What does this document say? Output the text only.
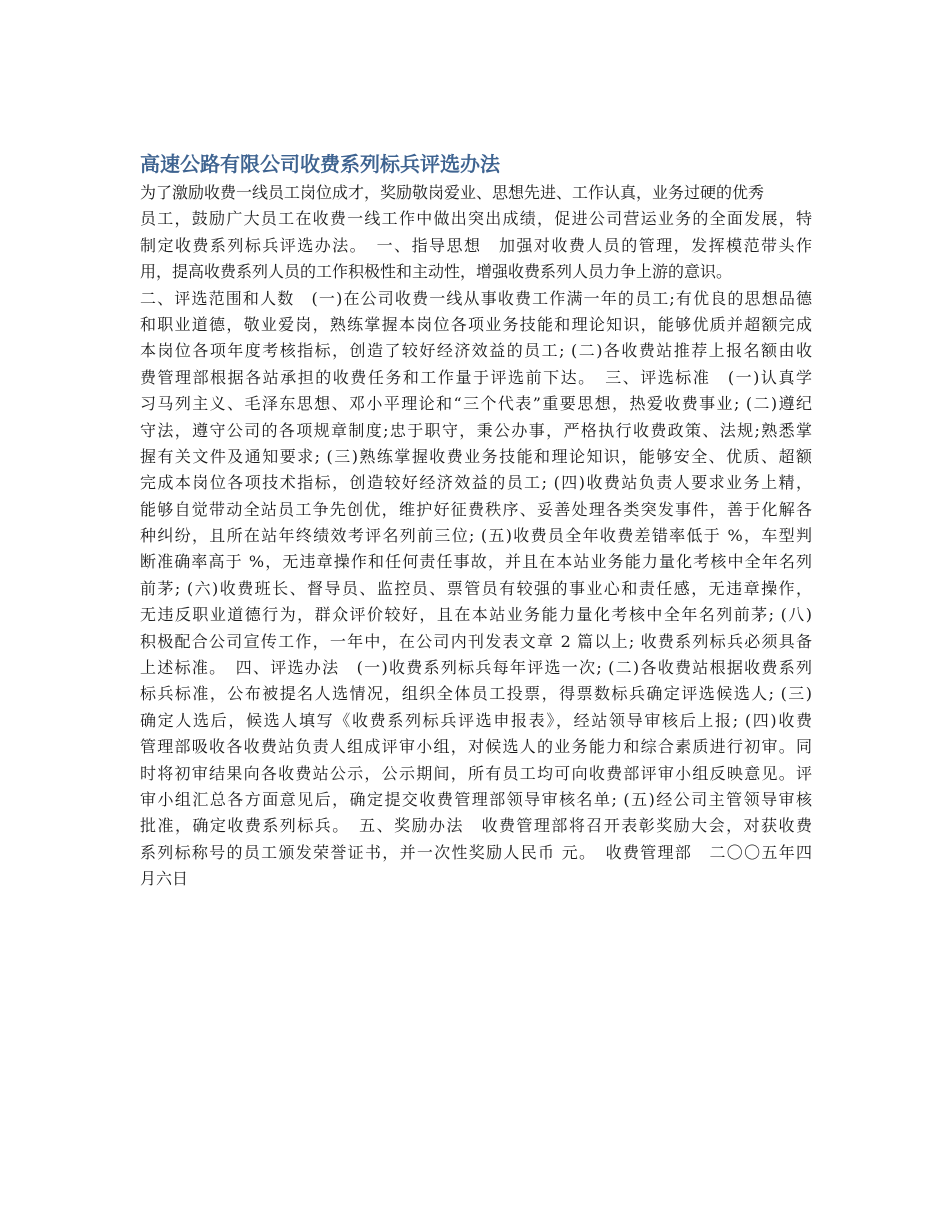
高速公路有限公司收费系列标兵评选办法
为了激励收费一线员工岗位成才，奖励敬岗爱业、思想先进、工作认真，业务过硬的优秀
员工，鼓励广大员工在收费一线工作中做出突出成绩，促进公司营运业务的全面发展，特
制定收费系列标兵评选办法。　一、指导思想　加强对收费人员的管理，发挥模范带头作
用，提高收费系列人员的工作积极性和主动性，增强收费系列人员力争上游的意识。
二、评选范围和人数　(一)在公司收费一线从事收费工作满一年的员工;有优良的思想品德
和职业道德，敬业爱岗，熟练掌握本岗位各项业务技能和理论知识，能够优质并超额完成
本岗位各项年度考核指标，创造了较好经济效益的员工; (二)各收费站推荐上报名额由收
费管理部根据各站承担的收费任务和工作量于评选前下达。　三、评选标准　(一)认真学
习马列主义、毛泽东思想、邓小平理论和“三个代表”重要思想，热爱收费事业; (二)遵纪
守法，遵守公司的各项规章制度;忠于职守，秉公办事，严格执行收费政策、法规;熟悉掌
握有关文件及通知要求; (三)熟练掌握收费业务技能和理论知识，能够安全、优质、超额
完成本岗位各项技术指标，创造较好经济效益的员工; (四)收费站负责人要求业务上精，
能够自觉带动全站员工争先创优，维护好征费秩序、妥善处理各类突发事件，善于化解各
种纠纷，且所在站年终绩效考评名列前三位; (五)收费员全年收费差错率低于 %，车型判
断准确率高于 %，无违章操作和任何责任事故，并且在本站业务能力量化考核中全年名列
前茅; (六)收费班长、督导员、监控员、票管员有较强的事业心和责任感，无违章操作，
无违反职业道德行为，群众评价较好，且在本站业务能力量化考核中全年名列前茅; (八)
积极配合公司宣传工作，一年中，在公司内刊发表文章 2 篇以上; 收费系列标兵必须具备
上述标准。　四、评选办法　(一)收费系列标兵每年评选一次; (二)各收费站根据收费系列
标兵标准，公布被提名人选情况，组织全体员工投票，得票数标兵确定评选候选人; (三)
确定人选后，候选人填写《收费系列标兵评选申报表》，经站领导审核后上报; (四)收费
管理部吸收各收费站负责人组成评审小组，对候选人的业务能力和综合素质进行初审。同
时将初审结果向各收费站公示，公示期间，所有员工均可向收费部评审小组反映意见。评
审小组汇总各方面意见后，确定提交收费管理部领导审核名单; (五)经公司主管领导审核
批准，确定收费系列标兵。　五、奖励办法　收费管理部将召开表彰奖励大会，对获收费
系列标称号的员工颁发荣誉证书，并一次性奖励人民币 元。　收费管理部　二〇〇五年四
月六日
